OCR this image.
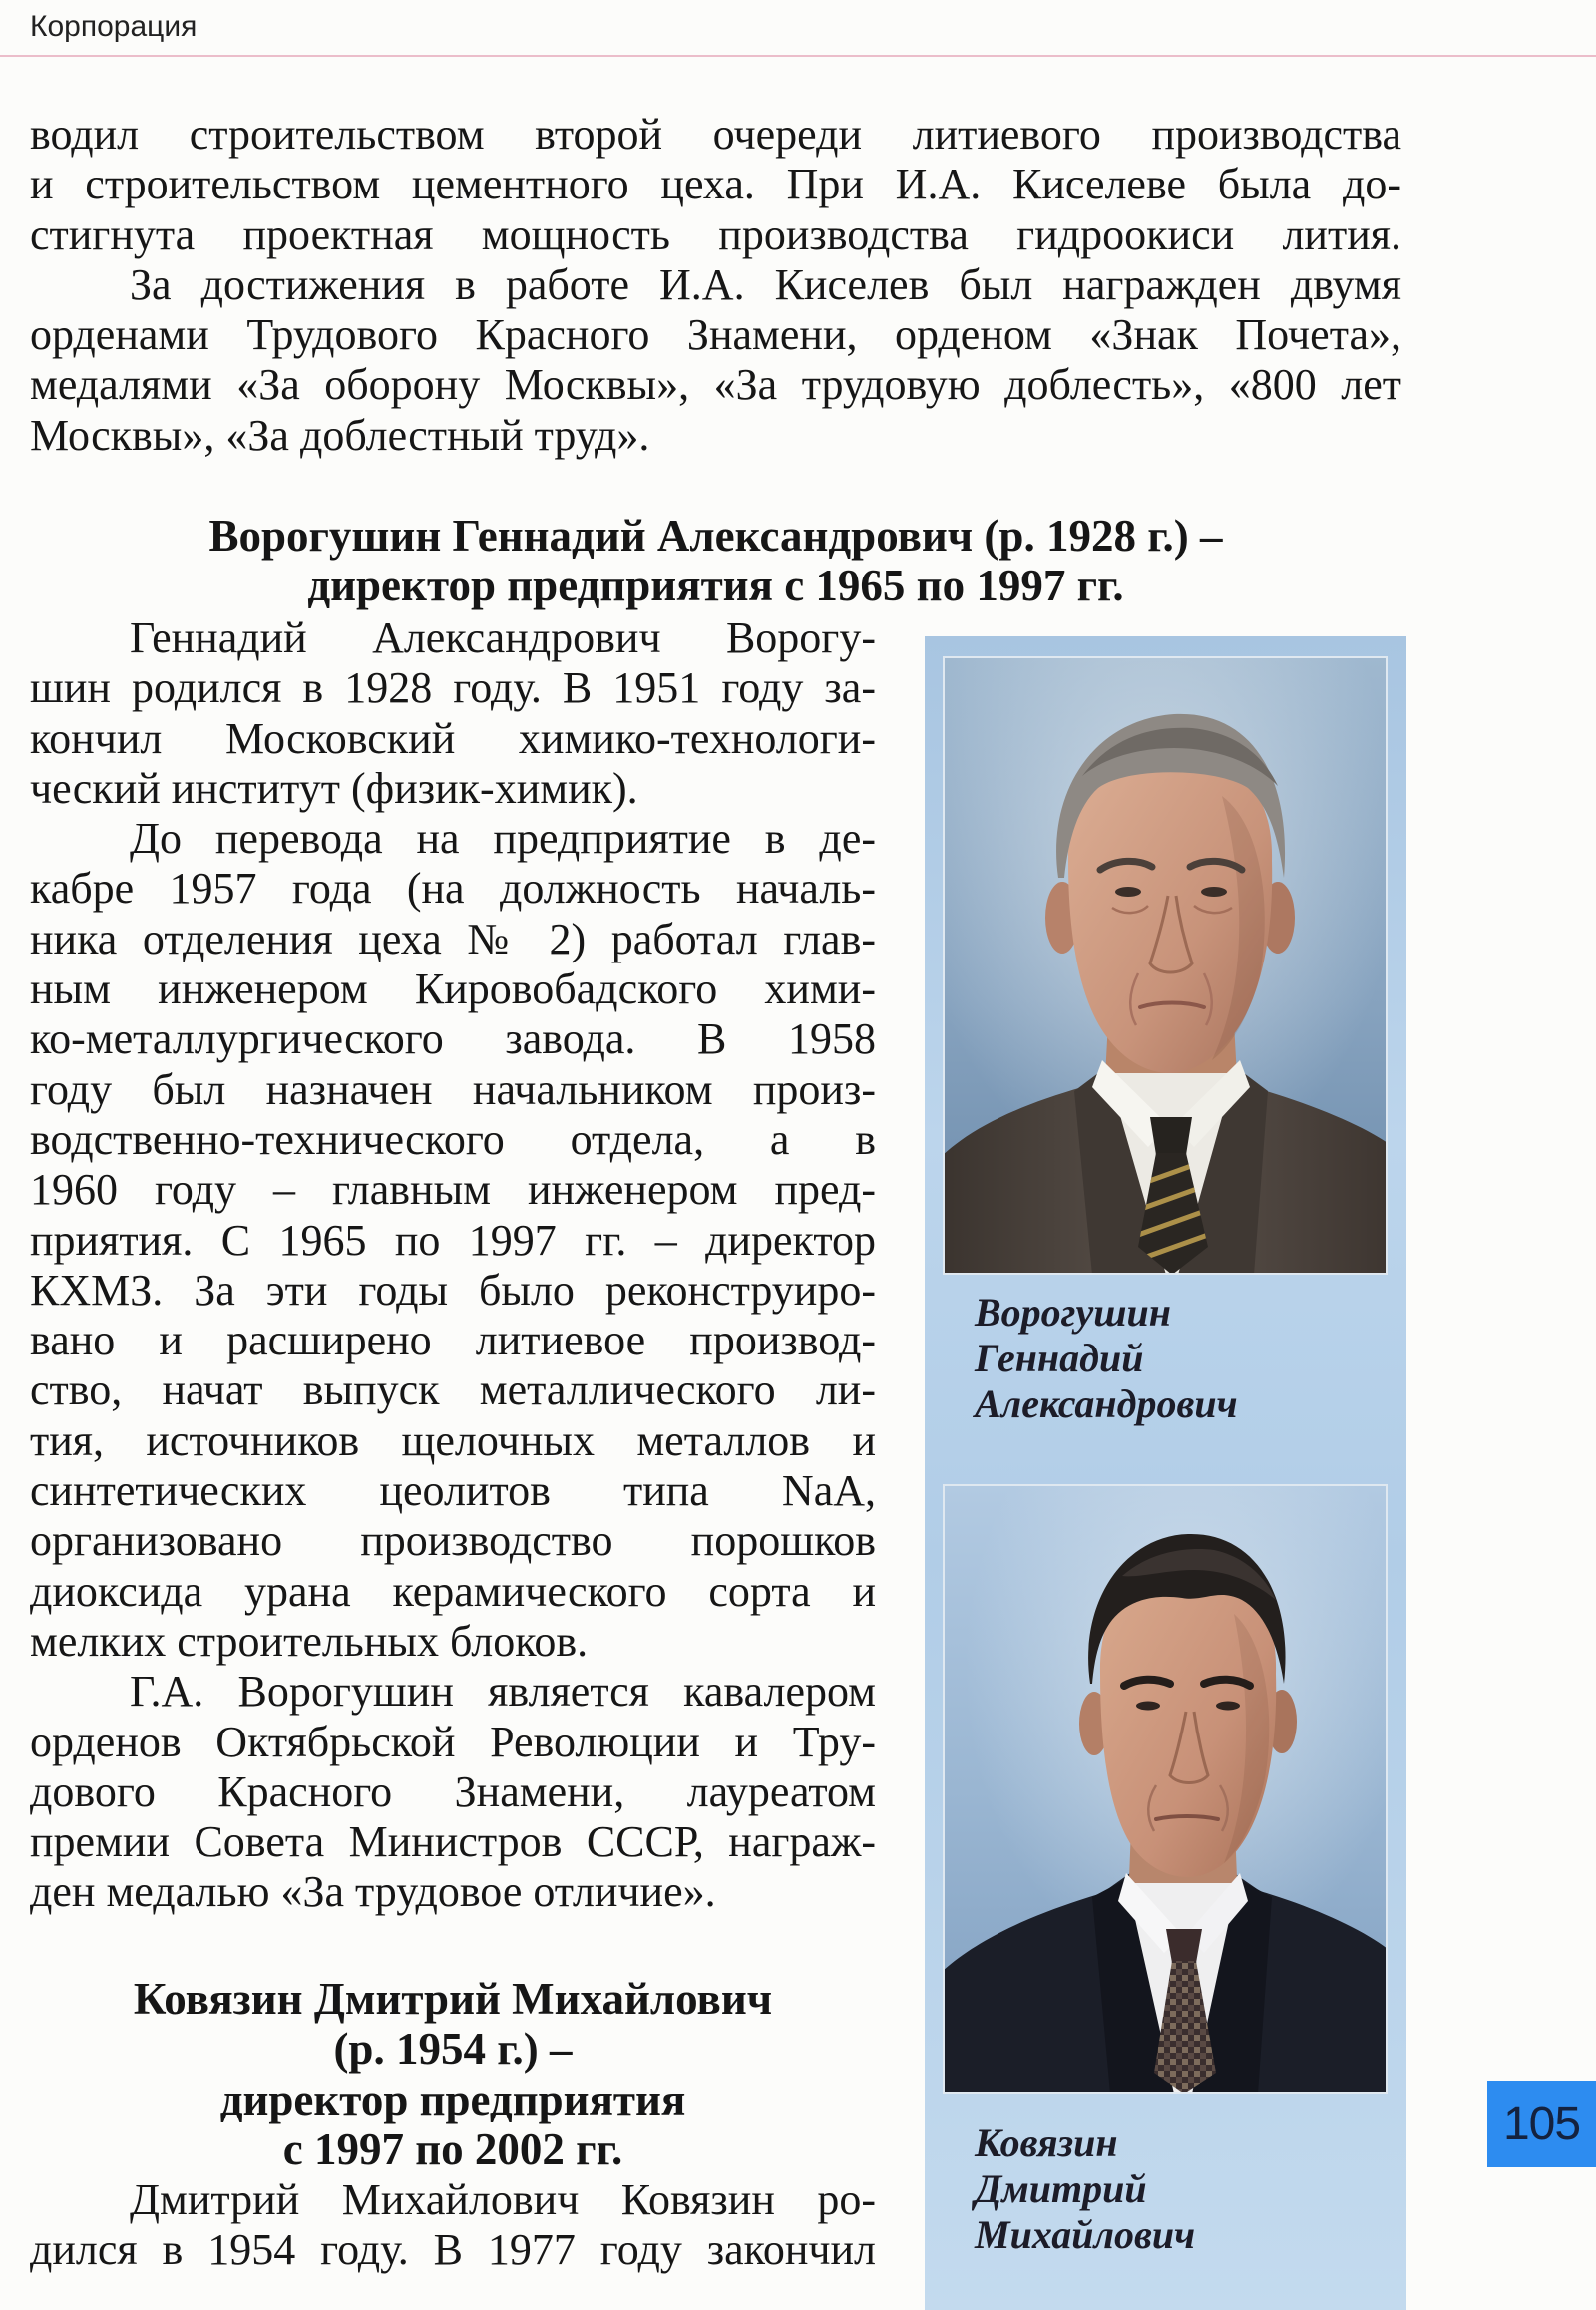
Корпорация
водил строительством второй очереди литиевого производства
и строительством цементного цеха. При И.А. Киселеве была до-
стигнута проектная мощность производства гидроокиси лития.
За достижения в работе И.А. Киселев был награжден двумя
орденами Трудового Красного Знамени, орденом «Знак Почета»,
медалями «За оборону Москвы», «За трудовую доблесть», «800 лет
Москвы», «За доблестный труд».
Ворогушин Геннадий Александрович (р. 1928 г.) –
директор предприятия с 1965 по 1997 гг.
Геннадий Александрович Ворогу-
шин родился в 1928 году. В 1951 году за-
кончил Московский химико-технологи-
ческий институт (физик-химик).
До перевода на предприятие в де-
кабре 1957 года (на должность началь-
ника отделения цеха № 2) работал глав-
ным инженером Кировобадского хими-
ко-металлургического завода. В 1958
году был назначен начальником произ-
водственно-технического отдела, а в
1960 году – главным инженером пред-
приятия. С 1965 по 1997 гг. – директор
КХМЗ. За эти годы было реконструиро-
вано и расширено литиевое производ-
ство, начат выпуск металлического ли-
тия, источников щелочных металлов и
синтетических цеолитов типа NaA,
организовано производство порошков
диоксида урана керамического сорта и
мелких строительных блоков.
Г.А. Ворогушин является кавалером
орденов Октябрьской Революции и Тру-
дового Красного Знамени, лауреатом
премии Совета Министров СССР, награж-
ден медалью «За трудовое отличие».
Ковязин Дмитрий Михайлович
(р. 1954 г.) –
директор предприятия
с 1997 по 2002 гг.
Дмитрий Михайлович Ковязин ро-
дился в 1954 году. В 1977 году закончил
Ворогушин
Геннадий
Александрович
Ковязин
Дмитрий
Михайлович
105
